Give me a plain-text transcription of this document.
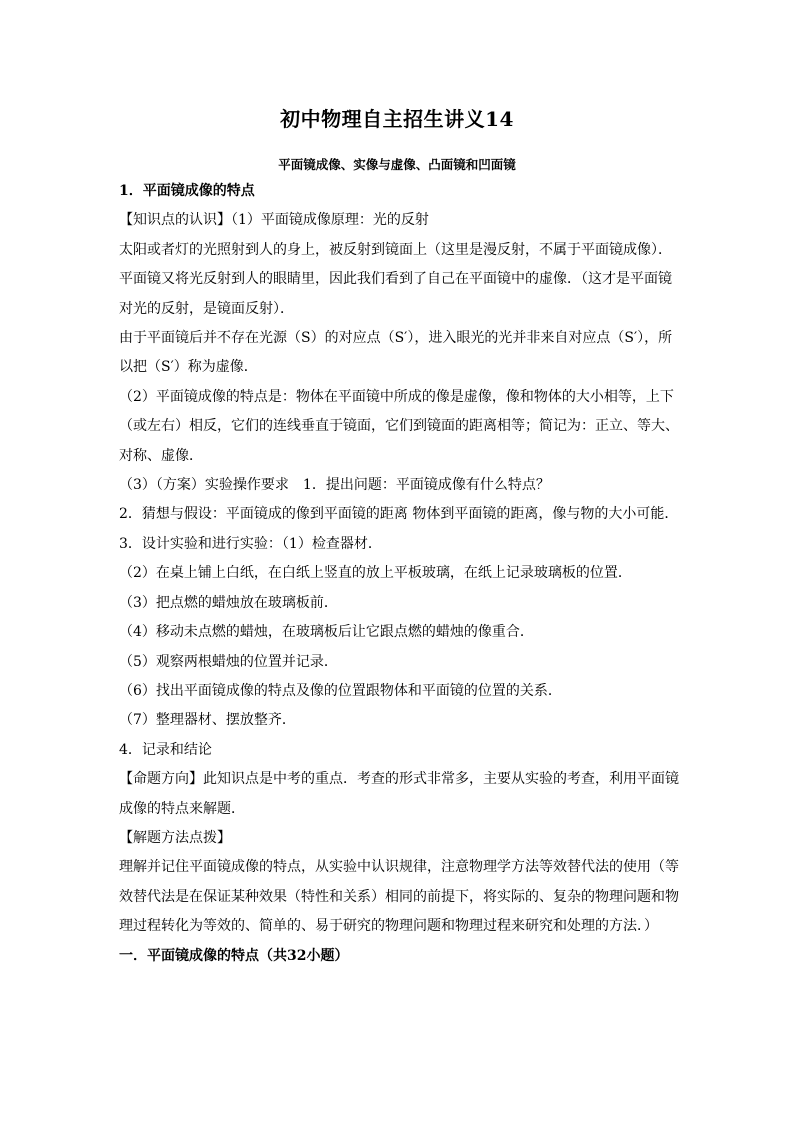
初中物理自主招生讲义14
平面镜成像、实像与虚像、凸面镜和凹面镜

1．平面镜成像的特点

【知识点的认识】（1）平面镜成像原理：光的反射

太阳或者灯的光照射到人的身上，被反射到镜面上（这里是漫反射，不属于平面镜成像）．平面镜又将光反射到人的眼睛里，因此我们看到了自己在平面镜中的虚像．（这才是平面镜对光的反射，是镜面反射）．

由于平面镜后并不存在光源（S）的对应点（S′），进入眼光的光并非来自对应点（S′），所以把（S′）称为虚像．

（2）平面镜成像的特点是：物体在平面镜中所成的像是虚像，像和物体的大小相等，上下（或左右）相反，它们的连线垂直于镜面，它们到镜面的距离相等；简记为：正立、等大、对称、虚像．

（3）（方案）实验操作要求　1．提出问题：平面镜成像有什么特点？

2．猜想与假设：平面镜成的像到平面镜的距离 物体到平面镜的距离，像与物的大小可能．

3．设计实验和进行实验：（1）检查器材．

（2）在桌上铺上白纸，在白纸上竖直的放上平板玻璃，在纸上记录玻璃板的位置．

（3）把点燃的蜡烛放在玻璃板前．

（4）移动未点燃的蜡烛，在玻璃板后让它跟点燃的蜡烛的像重合．

（5）观察两根蜡烛的位置并记录．

（6）找出平面镜成像的特点及像的位置跟物体和平面镜的位置的关系．

（7）整理器材、摆放整齐．

4．记录和结论

【命题方向】此知识点是中考的重点．考查的形式非常多，主要从实验的考查，利用平面镜成像的特点来解题．

【解题方法点拨】

理解并记住平面镜成像的特点，从实验中认识规律，注意物理学方法等效替代法的使用（等效替代法是在保证某种效果（特性和关系）相同的前提下，将实际的、复杂的物理问题和物理过程转化为等效的、简单的、易于研究的物理问题和物理过程来研究和处理的方法．）

一．平面镜成像的特点（共32小题）
